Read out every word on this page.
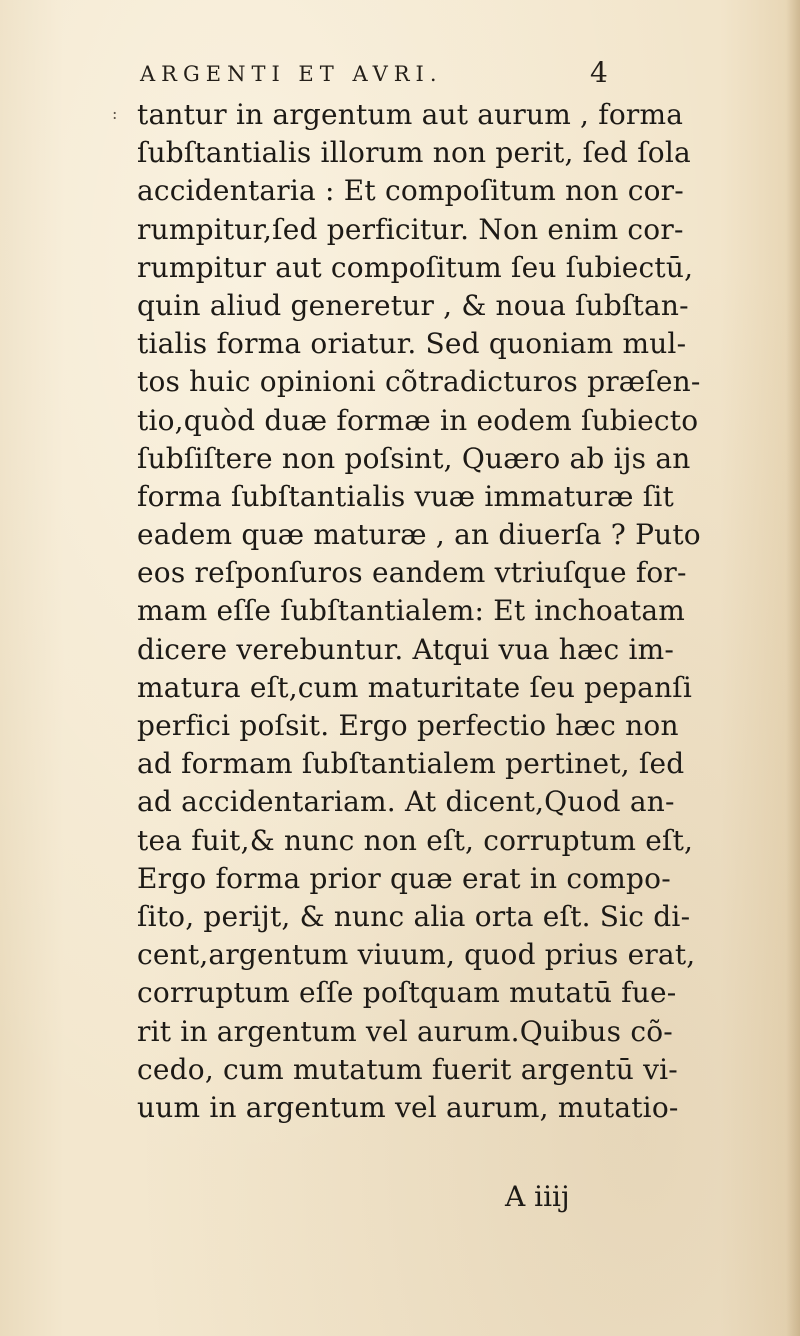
ARGENTI ET AVRI.	4
: tantur in argentum aut aurum , forma
ſubſtantialis illorum non perit, ſed ſola
accidentaria : Et compoſitum non cor-
rumpitur,ſed perficitur. Non enim cor-
rumpitur aut compoſitum ſeu ſubiectū,
quin aliud generetur , & noua ſubſtan-
tialis forma oriatur. Sed quoniam mul-
tos huic opinioni cõtradicturos præſen-
tio,quòd duæ formæ in eodem ſubiecto
ſubſiſtere non poſsint, Quæro ab ijs an
forma ſubſtantialis vuæ immaturæ ſit
eadem quæ maturæ , an diuerſa ? Puto
eos reſponſuros eandem vtriuſque for-
mam eſſe ſubſtantialem: Et inchoatam
dicere verebuntur. Atqui vua hæc im-
matura eſt,cum maturitate ſeu pepanſi
perfici poſsit. Ergo perfectio hæc non
ad formam ſubſtantialem pertinet, ſed
ad accidentariam. At dicent,Quod an-
tea fuit,& nunc non eſt, corruptum eſt,
Ergo forma prior quæ erat in compo-
ſito, perijt, & nunc alia orta eſt. Sic di-
cent,argentum viuum, quod prius erat,
corruptum eſſe poſtquam mutatū fue-
rit in argentum vel aurum.Quibus cõ-
cedo, cum mutatum fuerit argentū vi-
uum in argentum vel aurum, mutatio-
A iiij
